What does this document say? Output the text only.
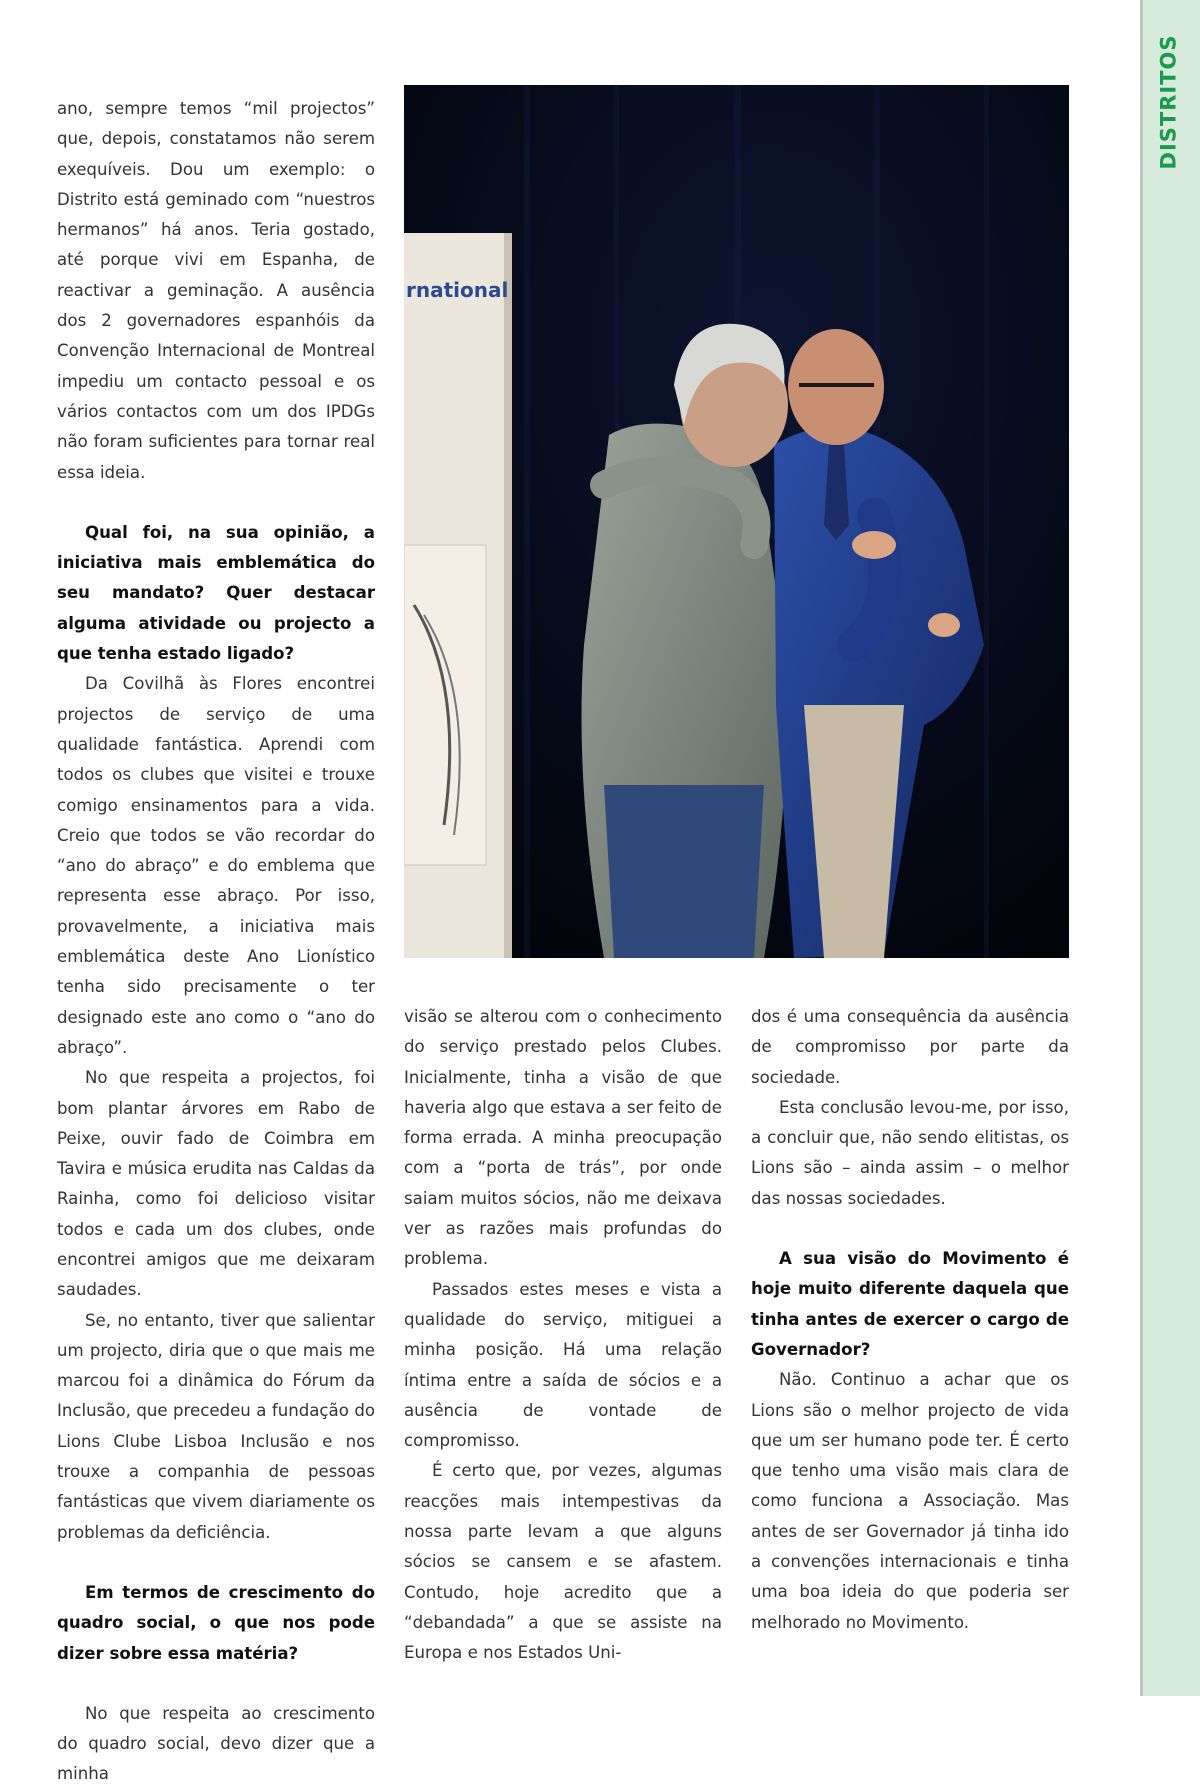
DISTRITOS

ano, sempre temos “mil projectos” que, depois, constatamos não serem exequíveis. Dou um exemplo: o Distrito está geminado com “nuestros hermanos” há anos. Teria gostado, até porque vivi em Espanha, de reactivar a geminação. A ausência dos 2 governadores espanhóis da Convenção Internacional de Montreal impediu um contacto pessoal e os vários contactos com um dos IPDGs não foram suficientes para tornar real essa ideia.

Qual foi, na sua opinião, a iniciativa mais emblemática do seu mandato? Quer destacar alguma atividade ou projecto a que tenha estado ligado?

Da Covilhã às Flores encontrei projectos de serviço de uma qualidade fantástica. Aprendi com todos os clubes que visitei e trouxe comigo ensinamentos para a vida. Creio que todos se vão recordar do “ano do abraço” e do emblema que representa esse abraço. Por isso, provavelmente, a iniciativa mais emblemática deste Ano Lionístico tenha sido precisamente o ter designado este ano como o “ano do abraço”.

No que respeita a projectos, foi bom plantar árvores em Rabo de Peixe, ouvir fado de Coimbra em Tavira e música erudita nas Caldas da Rainha, como foi delicioso visitar todos e cada um dos clubes, onde encontrei amigos que me deixaram saudades.

Se, no entanto, tiver que salientar um projecto, diria que o que mais me marcou foi a dinâmica do Fórum da Inclusão, que precedeu a fundação do Lions Clube Lisboa Inclusão e nos trouxe a companhia de pessoas fantásticas que vivem diariamente os problemas da deficiência.

Em termos de crescimento do quadro social, o que nos pode dizer sobre essa matéria?

No que respeita ao crescimento do quadro social, devo dizer que a minha

rnational

visão se alterou com o conhecimento do serviço prestado pelos Clubes. Inicialmente, tinha a visão de que haveria algo que estava a ser feito de forma errada. A minha preocupação com a “porta de trás”, por onde saiam muitos sócios, não me deixava ver as razões mais profundas do problema.

Passados estes meses e vista a qualidade do serviço, mitiguei a minha posição. Há uma relação íntima entre a saída de sócios e a ausência de vontade de compromisso.

É certo que, por vezes, algumas reacções mais intempestivas da nossa parte levam a que alguns sócios se cansem e se afastem. Contudo, hoje acredito que a “debandada” a que se assiste na Europa e nos Estados Uni-

dos é uma consequência da ausência de compromisso por parte da sociedade.

Esta conclusão levou-me, por isso, a concluir que, não sendo elitistas, os Lions são – ainda assim – o melhor das nossas sociedades.

A sua visão do Movimento é hoje muito diferente daquela que tinha antes de exercer o cargo de Governador?

Não. Continuo a achar que os Lions são o melhor projecto de vida que um ser humano pode ter. É certo que tenho uma visão mais clara de como funciona a Associação. Mas antes de ser Governador já tinha ido a convenções internacionais e tinha uma boa ideia do que poderia ser melhorado no Movimento.
